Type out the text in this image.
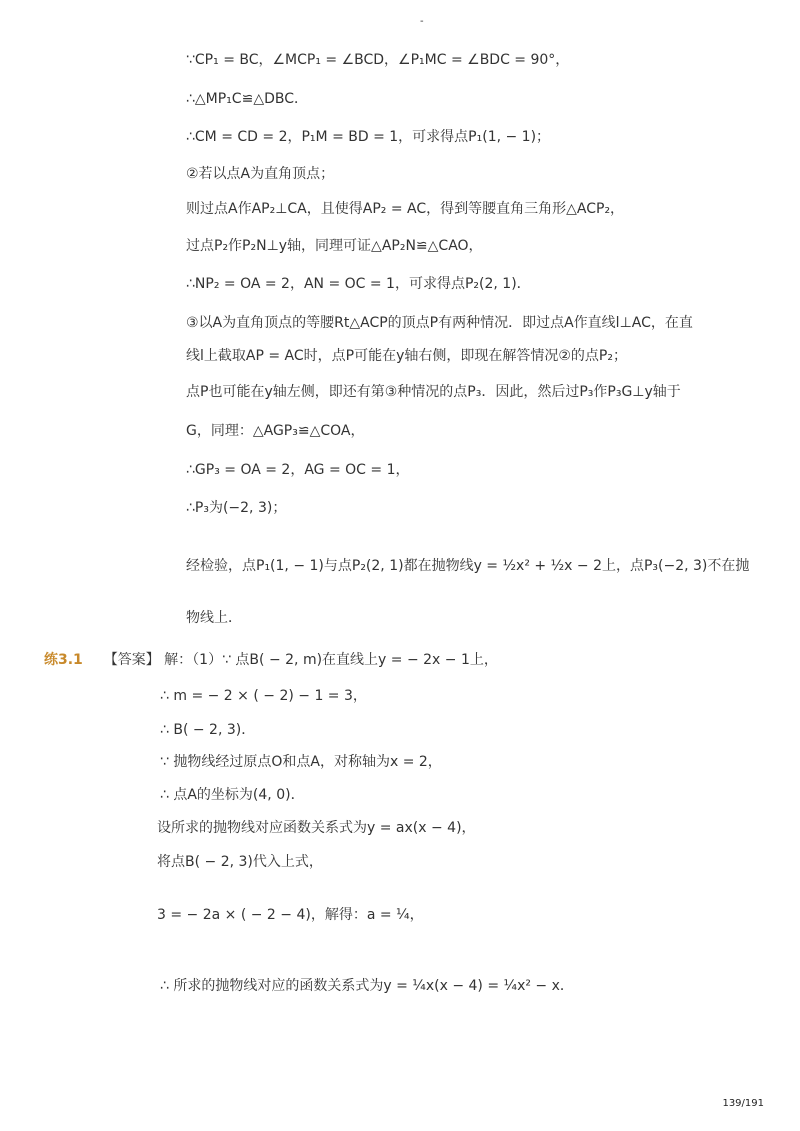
-
∵CP₁ = BC，∠MCP₁ = ∠BCD，∠P₁MC = ∠BDC = 90°，
∴△MP₁C≌△DBC．
∴CM = CD = 2，P₁M = BD = 1，可求得点P₁(1, − 1)；
②若以点A为直角顶点；
则过点A作AP₂⊥CA，且使得AP₂ = AC，得到等腰直角三角形△ACP₂，
过点P₂作P₂N⊥y轴，同理可证△AP₂N≌△CAO，
∴NP₂ = OA = 2，AN = OC = 1，可求得点P₂(2, 1)．
③以A为直角顶点的等腰Rt△ACP的顶点P有两种情况．即过点A作直线l⊥AC，在直
线l上截取AP = AC时，点P可能在y轴右侧，即现在解答情况②的点P₂；
点P也可能在y轴左侧，即还有第③种情况的点P₃．因此，然后过P₃作P₃G⊥y轴于
G，同理：△AGP₃≌△COA，
∴GP₃ = OA = 2，AG = OC = 1，
∴P₃为(−2, 3)；
经检验，点P₁(1, − 1)与点P₂(2, 1)都在抛物线y = ½x² + ½x − 2上，点P₃(−2, 3)不在抛
物线上．
练3.1 【答案】 解：（1）∵ 点B( − 2, m)在直线上y = − 2x − 1上，
∴ m = − 2 × ( − 2) − 1 = 3，
∴ B( − 2, 3)．
∵ 抛物线经过原点O和点A，对称轴为x = 2，
∴ 点A的坐标为(4, 0)．
设所求的抛物线对应函数关系式为y = ax(x − 4)，
将点B( − 2, 3)代入上式，
3 = − 2a × ( − 2 − 4)，解得：a = ¼，
∴ 所求的抛物线对应的函数关系式为y = ¼x(x − 4) = ¼x² − x．
139/191
